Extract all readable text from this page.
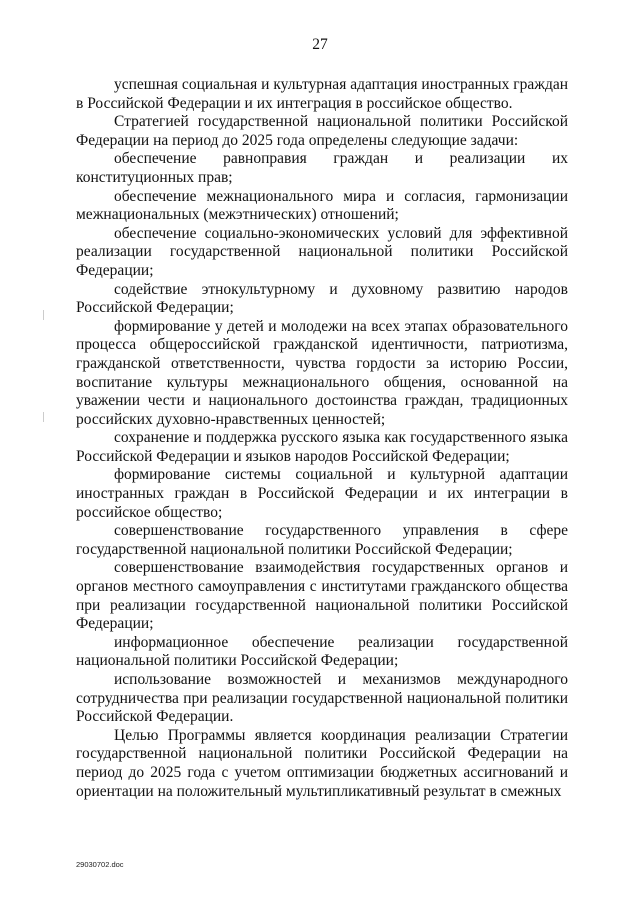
27

успешная социальная и культурная адаптация иностранных граждан в Российской Федерации и их интеграция в российское общество.

Стратегией государственной национальной политики Российской Федерации на период до 2025 года определены следующие задачи:

обеспечение равноправия граждан и реализации их конституционных прав;

обеспечение межнационального мира и согласия, гармонизации межнациональных (межэтнических) отношений;

обеспечение социально-экономических условий для эффективной реализации государственной национальной политики Российской Федерации;

содействие этнокультурному и духовному развитию народов Российской Федерации;

формирование у детей и молодежи на всех этапах образовательного процесса общероссийской гражданской идентичности, патриотизма, гражданской ответственности, чувства гордости за историю России, воспитание культуры межнационального общения, основанной на уважении чести и национального достоинства граждан, традиционных российских духовно-нравственных ценностей;

сохранение и поддержка русского языка как государственного языка Российской Федерации и языков народов Российской Федерации;

формирование системы социальной и культурной адаптации иностранных граждан в Российской Федерации и их интеграции в российское общество;

совершенствование государственного управления в сфере государственной национальной политики Российской Федерации;

совершенствование взаимодействия государственных органов и органов местного самоуправления с институтами гражданского общества при реализации государственной национальной политики Российской Федерации;

информационное обеспечение реализации государственной национальной политики Российской Федерации;

использование возможностей и механизмов международного сотрудничества при реализации государственной национальной политики Российской Федерации.

Целью Программы является координация реализации Стратегии государственной национальной политики Российской Федерации на период до 2025 года с учетом оптимизации бюджетных ассигнований и ориентации на положительный мультипликативный результат в смежных

29030702.doc
